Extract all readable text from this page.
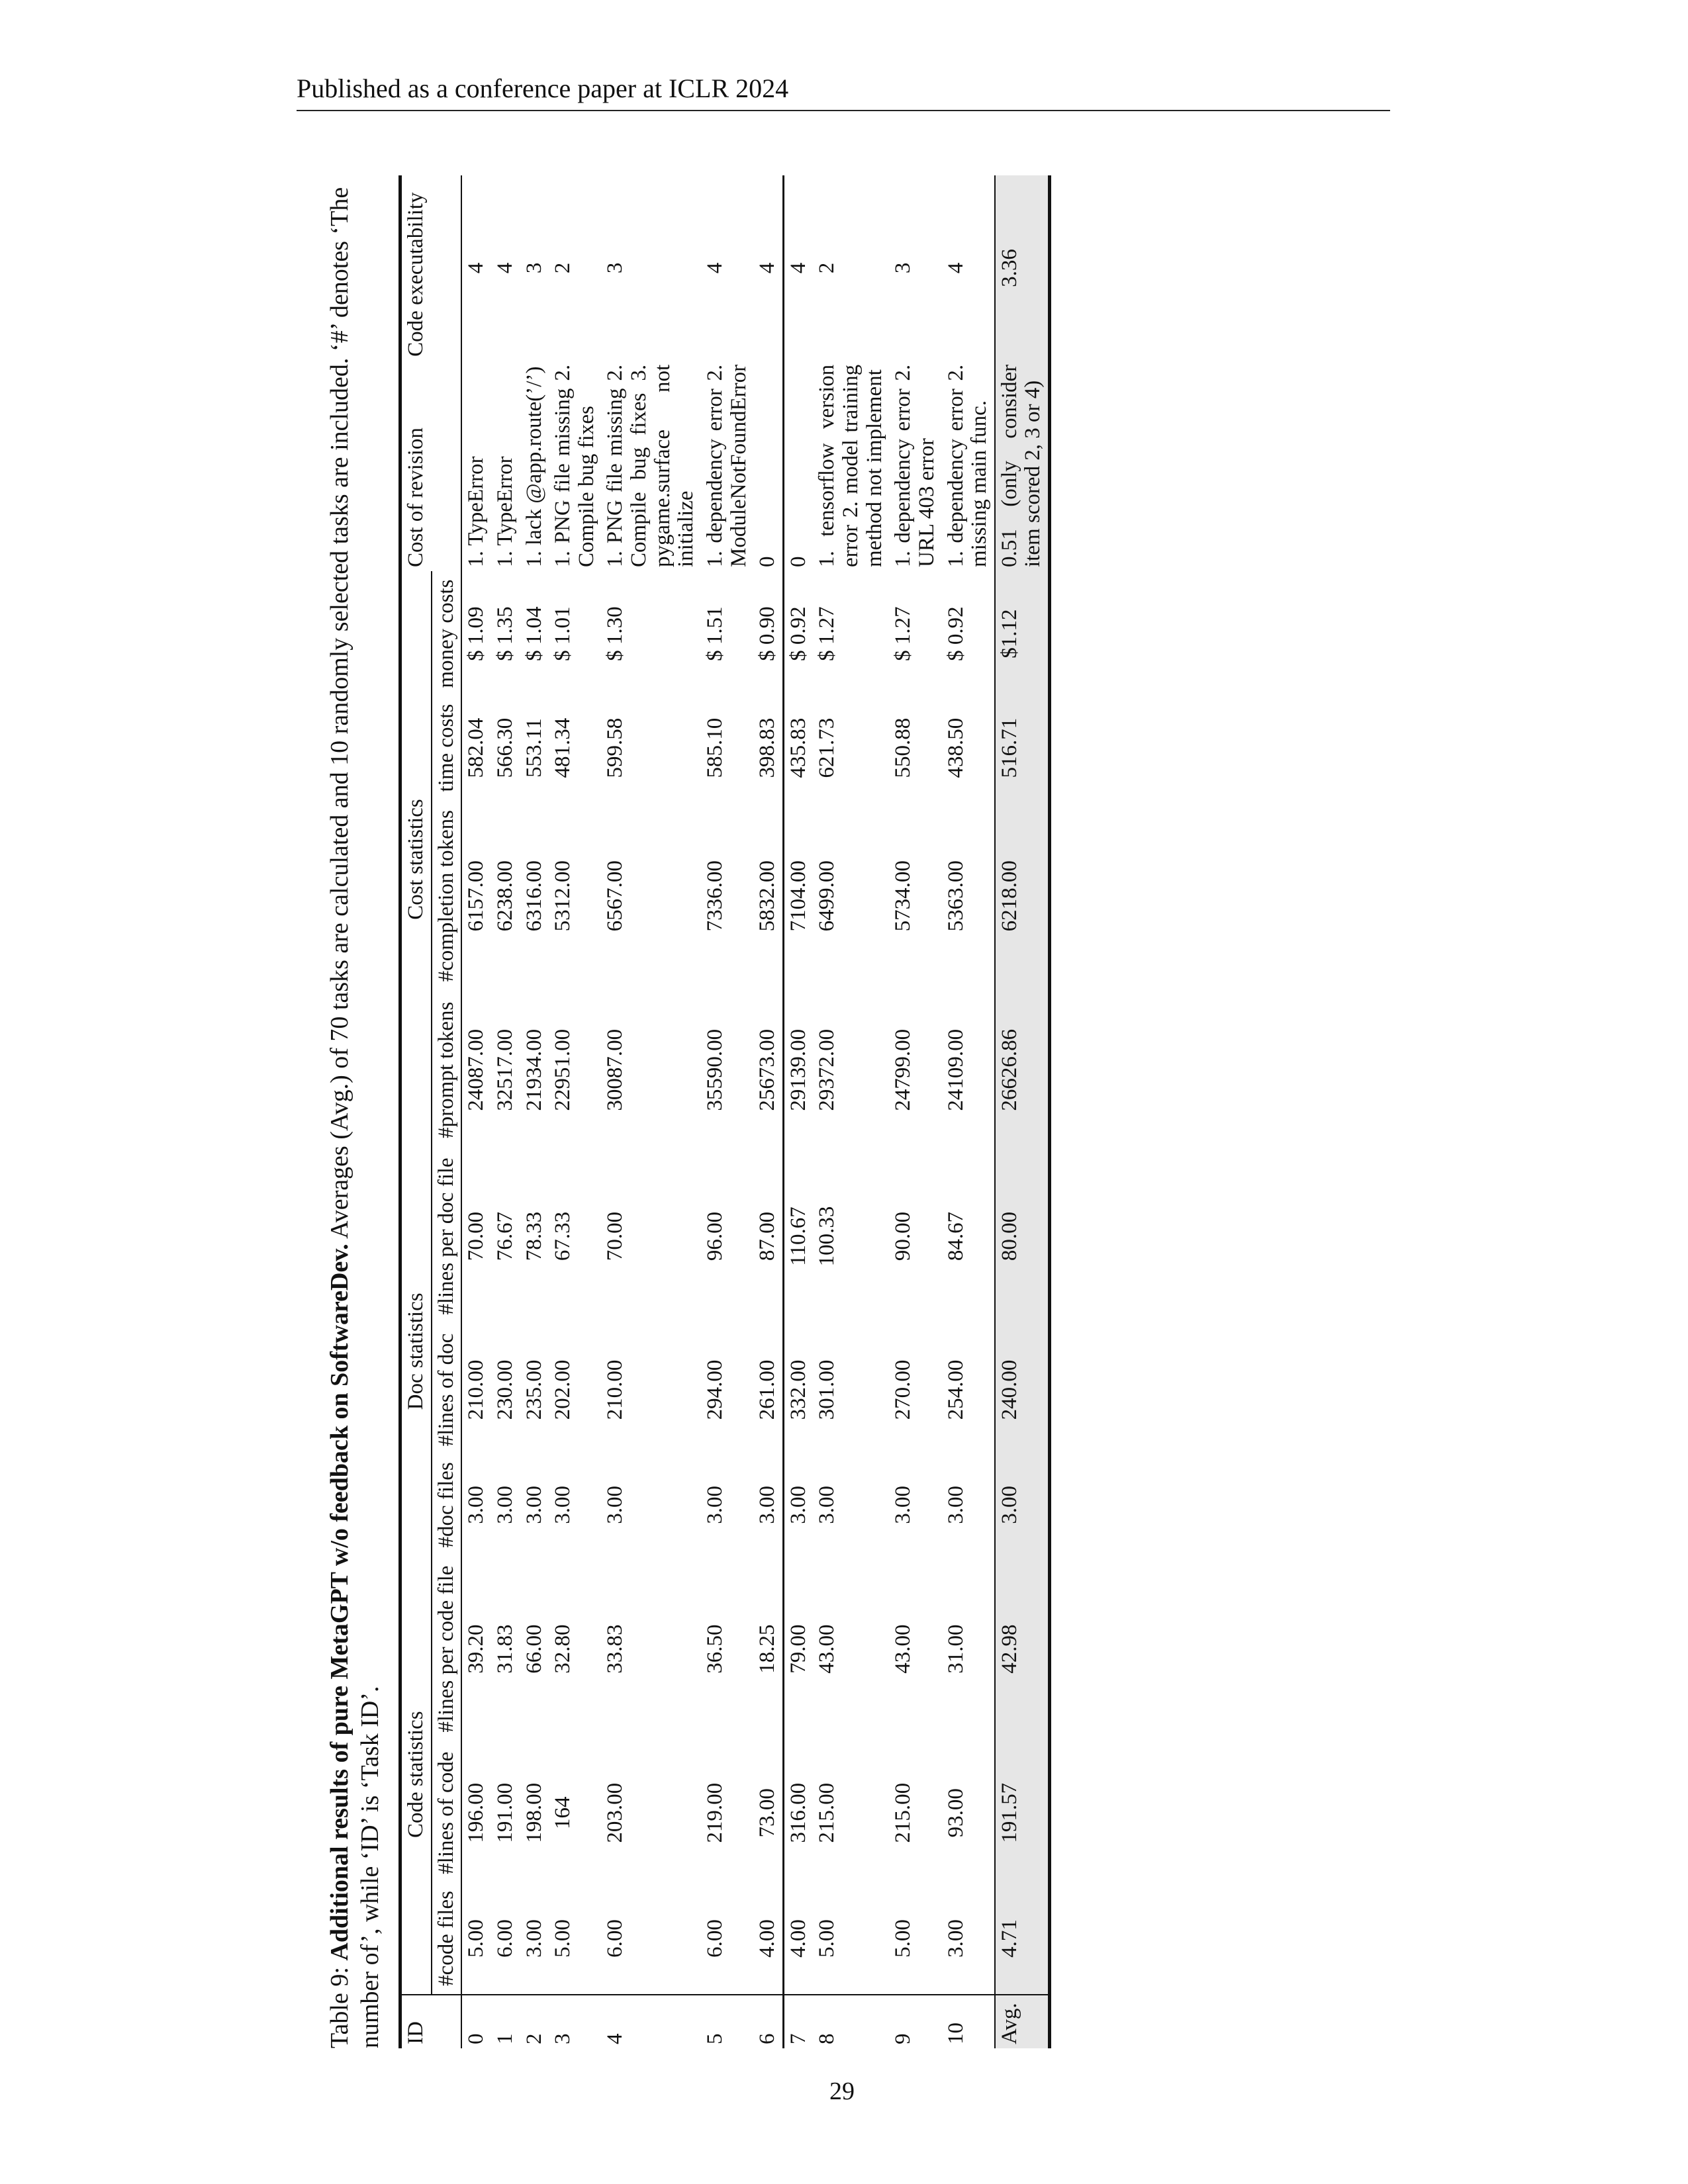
Published as a conference paper at ICLR 2024
Table 9: Additional results of pure MetaGPT w/o feedback on SoftwareDev. Averages (Avg.) of 70 tasks are calculated and 10 randomly selected tasks are included. ‘#’ denotes ‘The number of’, while ‘ID’ is ‘Task ID’. ID	Code statistics			Doc statistics			Cost statistics				Cost of revision	Code executability
	#code files	#lines of code	#lines per code file	#doc files	#lines of doc	#lines per doc file	#prompt tokens	#completion tokens	time costs	money costs		
0	5.00	196.00	39.20	3.00	210.00	70.00	24087.00	6157.00	582.04	$ 1.09	1. TypeError	4
1	6.00	191.00	31.83	3.00	230.00	76.67	32517.00	6238.00	566.30	$ 1.35	1. TypeError	4
2	3.00	198.00	66.00	3.00	235.00	78.33	21934.00	6316.00	553.11	$ 1.04	1. lack @app.route(’/’)	3
3	5.00	164	32.80	3.00	202.00	67.33	22951.00	5312.00	481.34	$ 1.01	1. PNG file missing 2. Compile bug fixes	2
4	6.00	203.00	33.83	3.00	210.00	70.00	30087.00	6567.00	599.58	$ 1.30	1. PNG file missing 2. Compile bug fixes 3. pygame.surface not initialize	3
5	6.00	219.00	36.50	3.00	294.00	96.00	35590.00	7336.00	585.10	$ 1.51	1. dependency error 2. ModuleNotFoundError	4
6	4.00	73.00	18.25	3.00	261.00	87.00	25673.00	5832.00	398.83	$ 0.90	0	4
7	4.00	316.00	79.00	3.00	332.00	110.67	29139.00	7104.00	435.83	$ 0.92	0	4
8	5.00	215.00	43.00	3.00	301.00	100.33	29372.00	6499.00	621.73	$ 1.27	1. tensorflow version error 2. model training method not implement	2
9	5.00	215.00	43.00	3.00	270.00	90.00	24799.00	5734.00	550.88	$ 1.27	1. dependency error 2. URL 403 error	3
10	3.00	93.00	31.00	3.00	254.00	84.67	24109.00	5363.00	438.50	$ 0.92	1. dependency error 2. missing main func.	4
Avg.	4.71	191.57	42.98	3.00	240.00	80.00	26626.86	6218.00	516.71	$1.12	0.51 (only consider item scored 2, 3 or 4)	3.36
29
